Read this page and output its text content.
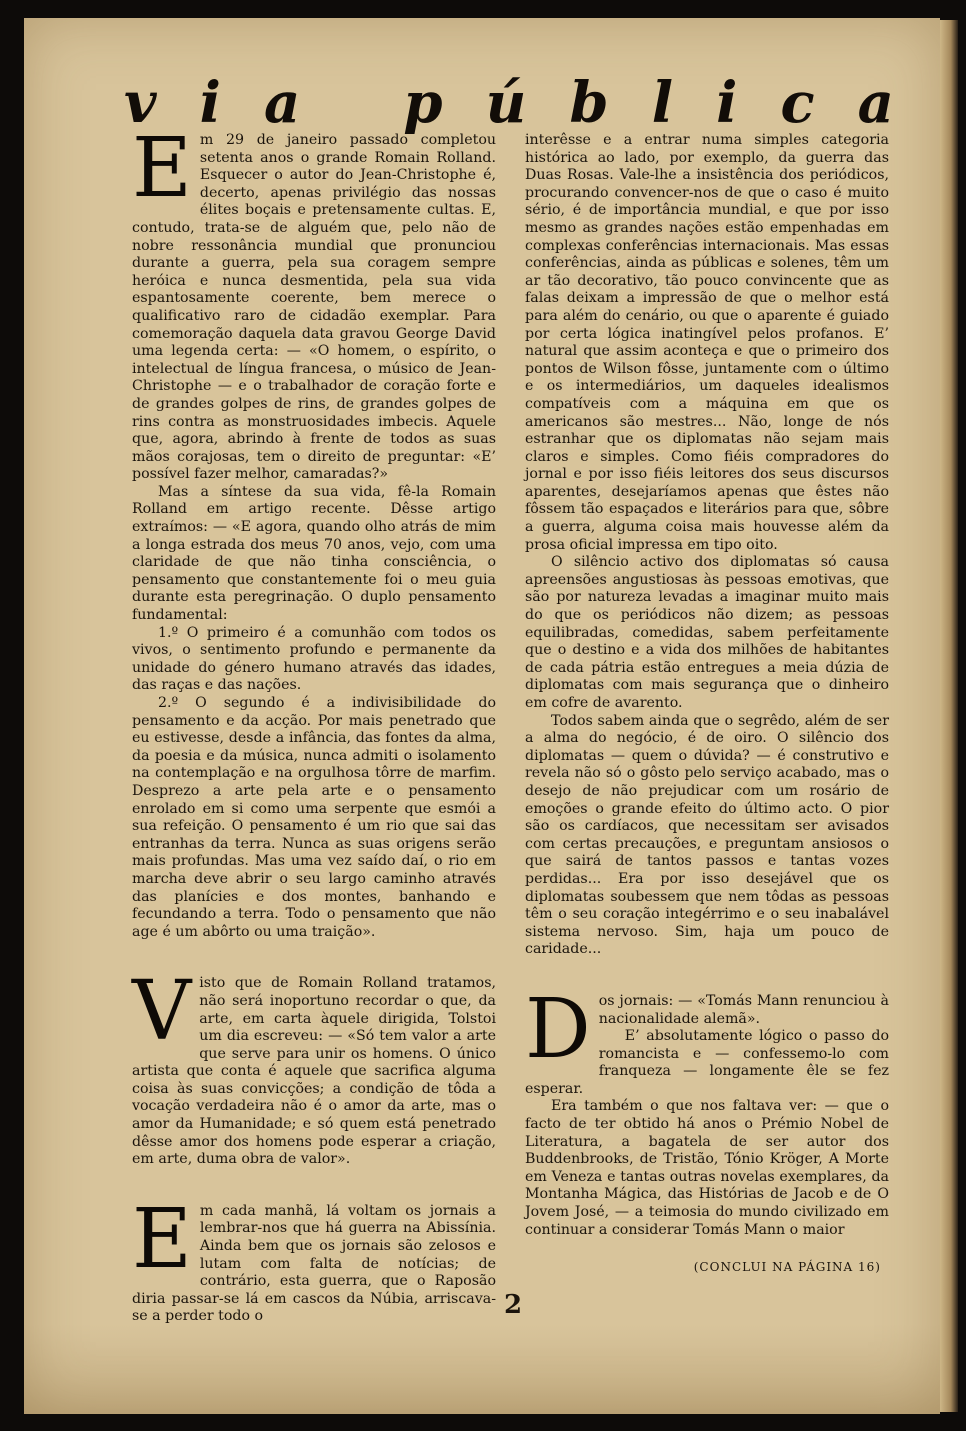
v i a p ú b l i c a
E m 29 de janeiro passado completou setenta anos o grande Romain Rolland. Esquecer o autor do Jean-Christophe é, decerto, apenas privilégio das nossas élites boçais e pretensamente cultas. E, contudo, trata-se de alguém que, pelo não de nobre ressonância mundial que pronunciou durante a guerra, pela sua coragem sempre heróica e nunca desmentida, pela sua vida espantosamente coerente, bem merece o qualificativo raro de cidadão exemplar. Para comemoração daquela data gravou George David uma legenda certa: — «O homem, o espírito, o intelectual de língua francesa, o músico de Jean-Christophe — e o trabalhador de coração forte e de grandes golpes de rins, de grandes golpes de rins contra as monstruosidades imbecis. Aquele que, agora, abrindo à frente de todos as suas mãos corajosas, tem o direito de preguntar: «E’ possível fazer melhor, camaradas?»

Mas a síntese da sua vida, fê-la Romain Rolland em artigo recente. Dêsse artigo extraímos: — «E agora, quando olho atrás de mim a longa estrada dos meus 70 anos, vejo, com uma claridade de que não tinha consciência, o pensamento que constantemente foi o meu guia durante esta peregrinação. O duplo pensamento fundamental:

1.º O primeiro é a comunhão com todos os vivos, o sentimento profundo e permanente da unidade do género humano através das idades, das raças e das nações.

2.º O segundo é a indivisibilidade do pensamento e da acção. Por mais penetrado que eu estivesse, desde a infância, das fontes da alma, da poesia e da música, nunca admiti o isolamento na contemplação e na orgulhosa tôrre de marfim. Desprezo a arte pela arte e o pensamento enrolado em si como uma serpente que esmói a sua refeição. O pensamento é um rio que sai das entranhas da terra. Nunca as suas origens serão mais profundas. Mas uma vez saído daí, o rio em marcha deve abrir o seu largo caminho através das planícies e dos montes, banhando e fecundando a terra. Todo o pensamento que não age é um abôrto ou uma traição».

V isto que de Romain Rolland tratamos, não será inoportuno recordar o que, da arte, em carta àquele dirigida, Tolstoi um dia escreveu: — «Só tem valor a arte que serve para unir os homens. O único artista que conta é aquele que sacrifica alguma coisa às suas convicções; a condição de tôda a vocação verdadeira não é o amor da arte, mas o amor da Humanidade; e só quem está penetrado dêsse amor dos homens pode esperar a criação, em arte, duma obra de valor».

E m cada manhã, lá voltam os jornais a lembrar-nos que há guerra na Abissínia. Ainda bem que os jornais são zelosos e lutam com falta de notícias; de contrário, esta guerra, que o Raposão diria passar-se lá em cascos da Núbia, arriscava-se a perder todo o

interêsse e a entrar numa simples categoria histórica ao lado, por exemplo, da guerra das Duas Rosas. Vale-lhe a insistência dos periódicos, procurando convencer-nos de que o caso é muito sério, é de importância mundial, e que por isso mesmo as grandes nações estão empenhadas em complexas conferências internacionais. Mas essas conferências, ainda as públicas e solenes, têm um ar tão decorativo, tão pouco convincente que as falas deixam a impressão de que o melhor está para além do cenário, ou que o aparente é guiado por certa lógica inatingível pelos profanos. E’ natural que assim aconteça e que o primeiro dos pontos de Wilson fôsse, juntamente com o último e os intermediários, um daqueles idealismos compatíveis com a máquina em que os americanos são mestres... Não, longe de nós estranhar que os diplomatas não sejam mais claros e simples. Como fiéis compradores do jornal e por isso fiéis leitores dos seus discursos aparentes, desejaríamos apenas que êstes não fôssem tão espaçados e literários para que, sôbre a guerra, alguma coisa mais houvesse além da prosa oficial impressa em tipo oito.

O silêncio activo dos diplomatas só causa apreensões angustiosas às pessoas emotivas, que são por natureza levadas a imaginar muito mais do que os periódicos não dizem; as pessoas equilibradas, comedidas, sabem perfeitamente que o destino e a vida dos milhões de habitantes de cada pátria estão entregues a meia dúzia de diplomatas com mais segurança que o dinheiro em cofre de avarento.

Todos sabem ainda que o segrêdo, além de ser a alma do negócio, é de oiro. O silêncio dos diplomatas — quem o dúvida? — é construtivo e revela não só o gôsto pelo serviço acabado, mas o desejo de não prejudicar com um rosário de emoções o grande efeito do último acto. O pior são os cardíacos, que necessitam ser avisados com certas precauções, e preguntam ansiosos o que sairá de tantos passos e tantas vozes perdidas... Era por isso desejável que os diplomatas soubessem que nem tôdas as pessoas têm o seu coração integérrimo e o seu inabalável sistema nervoso. Sim, haja um pouco de caridade...

D os jornais: — «Tomás Mann renunciou à nacionalidade alemã».

E’ absolutamente lógico o passo do romancista e — confessemo-lo com franqueza — longamente êle se fez esperar.

Era também o que nos faltava ver: — que o facto de ter obtido há anos o Prémio Nobel de Literatura, a bagatela de ser autor dos Buddenbrooks, de Tristão, Tónio Kröger, A Morte em Veneza e tantas outras novelas exemplares, da Montanha Mágica, das Histórias de Jacob e de O Jovem José, — a teimosia do mundo civilizado em continuar a considerar Tomás Mann o maior

(CONCLUI NA PÁGINA 16)
2
